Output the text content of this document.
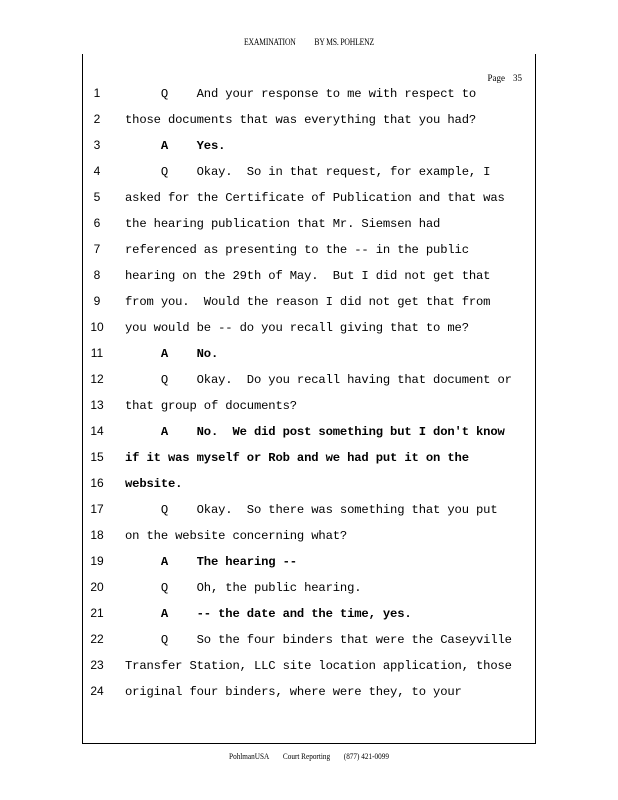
EXAMINATION BY MS. POHLENZ
Page 35
1	Q    And your response to me with respect to
2	those documents that was everything that you had?
3	A    Yes.
4	Q    Okay.  So in that request, for example, I
5	asked for the Certificate of Publication and that was
6	the hearing publication that Mr. Siemsen had
7	referenced as presenting to the -- in the public
8	hearing on the 29th of May.  But I did not get that
9	from you.  Would the reason I did not get that from
10 you would be -- do you recall giving that to me?
11 A    No.
12 Q    Okay.  Do you recall having that document or
13 that group of documents?
14 A    No.  We did post something but I don't know
15 if it was myself or Rob and we had put it on the
16 website.
17 Q    Okay.  So there was something that you put
18 on the website concerning what?
19 A    The hearing --
20 Q    Oh, the public hearing.
21 A    -- the date and the time, yes.
22 Q    So the four binders that were the Caseyville
23 Transfer Station, LLC site location application, those
24 original four binders, where were they, to your
PohlmanUSA Court Reporting (877) 421-0099
